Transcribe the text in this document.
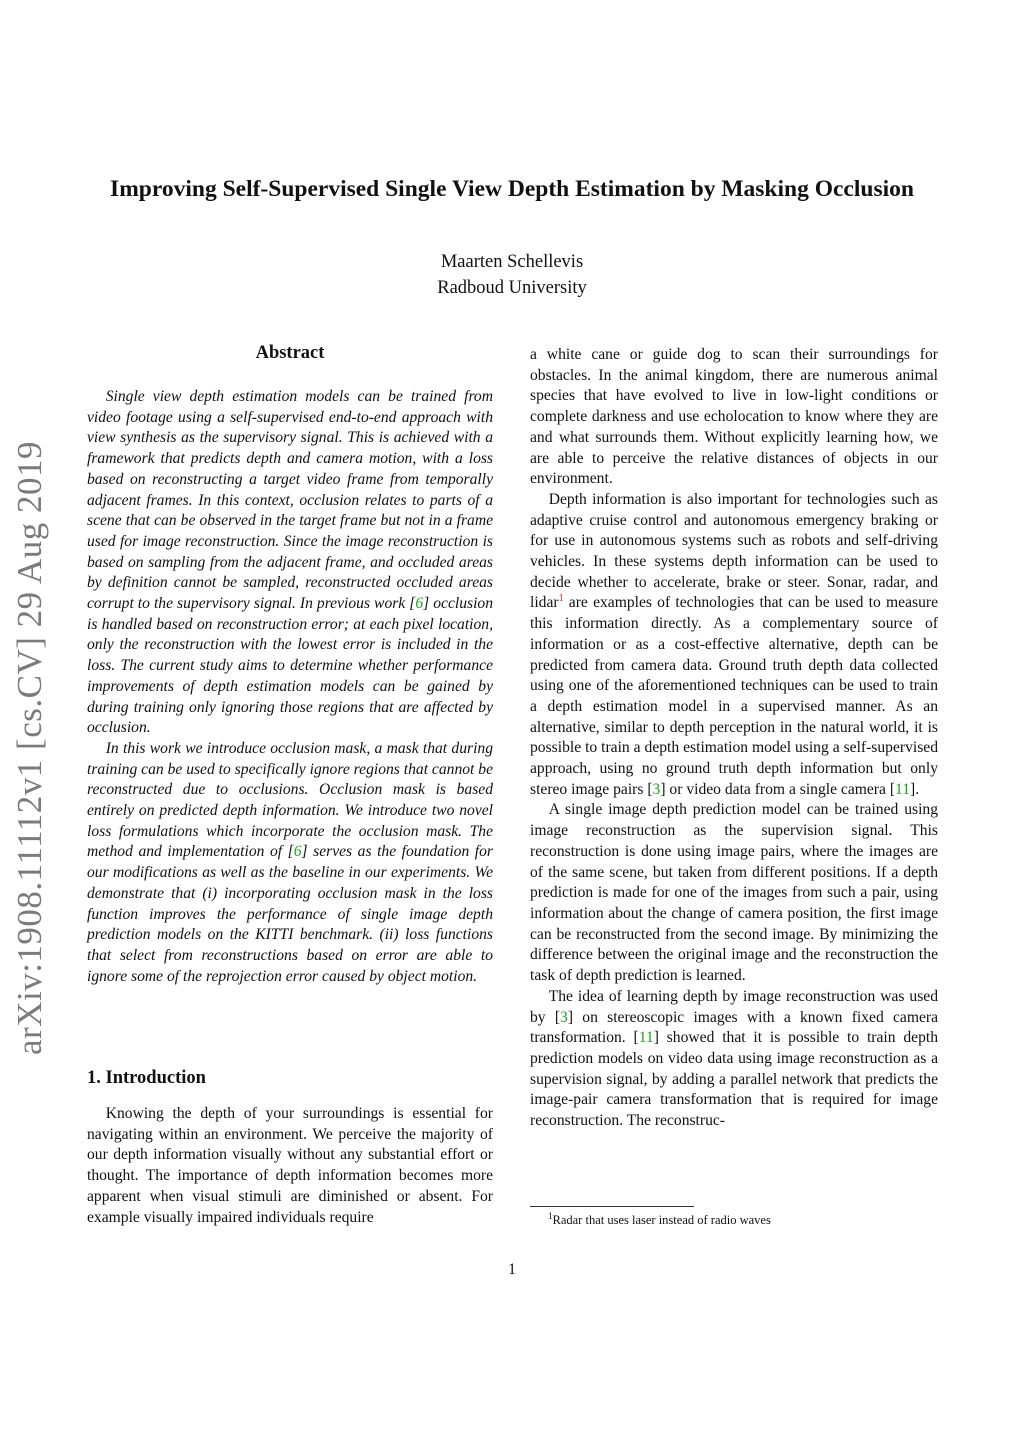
Improving Self-Supervised Single View Depth Estimation by Masking Occlusion
Maarten Schellevis
Radboud University
arXiv:1908.11112v1 [cs.CV] 29 Aug 2019
Abstract

Single view depth estimation models can be trained from video footage using a self-supervised end-to-end approach with view synthesis as the supervisory signal. This is achieved with a framework that predicts depth and camera motion, with a loss based on reconstructing a target video frame from temporally adjacent frames. In this context, occlusion relates to parts of a scene that can be observed in the target frame but not in a frame used for image reconstruction. Since the image reconstruction is based on sampling from the adjacent frame, and occluded areas by definition cannot be sampled, reconstructed occluded areas corrupt to the supervisory signal. In previous work [6] occlusion is handled based on reconstruction error; at each pixel location, only the reconstruction with the lowest error is included in the loss. The current study aims to determine whether performance improvements of depth estimation models can be gained by during training only ignoring those regions that are affected by occlusion.

In this work we introduce occlusion mask, a mask that during training can be used to specifically ignore regions that cannot be reconstructed due to occlusions. Occlusion mask is based entirely on predicted depth information. We introduce two novel loss formulations which incorporate the occlusion mask. The method and implementation of [6] serves as the foundation for our modifications as well as the baseline in our experiments. We demonstrate that (i) incorporating occlusion mask in the loss function improves the performance of single image depth prediction models on the KITTI benchmark. (ii) loss functions that select from reconstructions based on error are able to ignore some of the reprojection error caused by object motion.

1. Introduction

Knowing the depth of your surroundings is essential for navigating within an environment. We perceive the majority of our depth information visually without any substantial effort or thought. The importance of depth information becomes more apparent when visual stimuli are diminished or absent. For example visually impaired individuals require

a white cane or guide dog to scan their surroundings for obstacles. In the animal kingdom, there are numerous animal species that have evolved to live in low-light conditions or complete darkness and use echolocation to know where they are and what surrounds them. Without explicitly learning how, we are able to perceive the relative distances of objects in our environment.

Depth information is also important for technologies such as adaptive cruise control and autonomous emergency braking or for use in autonomous systems such as robots and self-driving vehicles. In these systems depth information can be used to decide whether to accelerate, brake or steer. Sonar, radar, and lidar$^1$ are examples of technologies that can be used to measure this information directly. As a complementary source of information or as a cost-effective alternative, depth can be predicted from camera data. Ground truth depth data collected using one of the aforementioned techniques can be used to train a depth estimation model in a supervised manner. As an alternative, similar to depth perception in the natural world, it is possible to train a depth estimation model using a self-supervised approach, using no ground truth depth information but only stereo image pairs [3] or video data from a single camera [11].

A single image depth prediction model can be trained using image reconstruction as the supervision signal. This reconstruction is done using image pairs, where the images are of the same scene, but taken from different positions. If a depth prediction is made for one of the images from such a pair, using information about the change of camera position, the first image can be reconstructed from the second image. By minimizing the difference between the original image and the reconstruction the task of depth prediction is learned.

The idea of learning depth by image reconstruction was used by [3] on stereoscopic images with a known fixed camera transformation. [11] showed that it is possible to train depth prediction models on video data using image reconstruction as a supervision signal, by adding a parallel network that predicts the image-pair camera transformation that is required for image reconstruction. The reconstruc-

$^1$Radar that uses laser instead of radio waves
1
